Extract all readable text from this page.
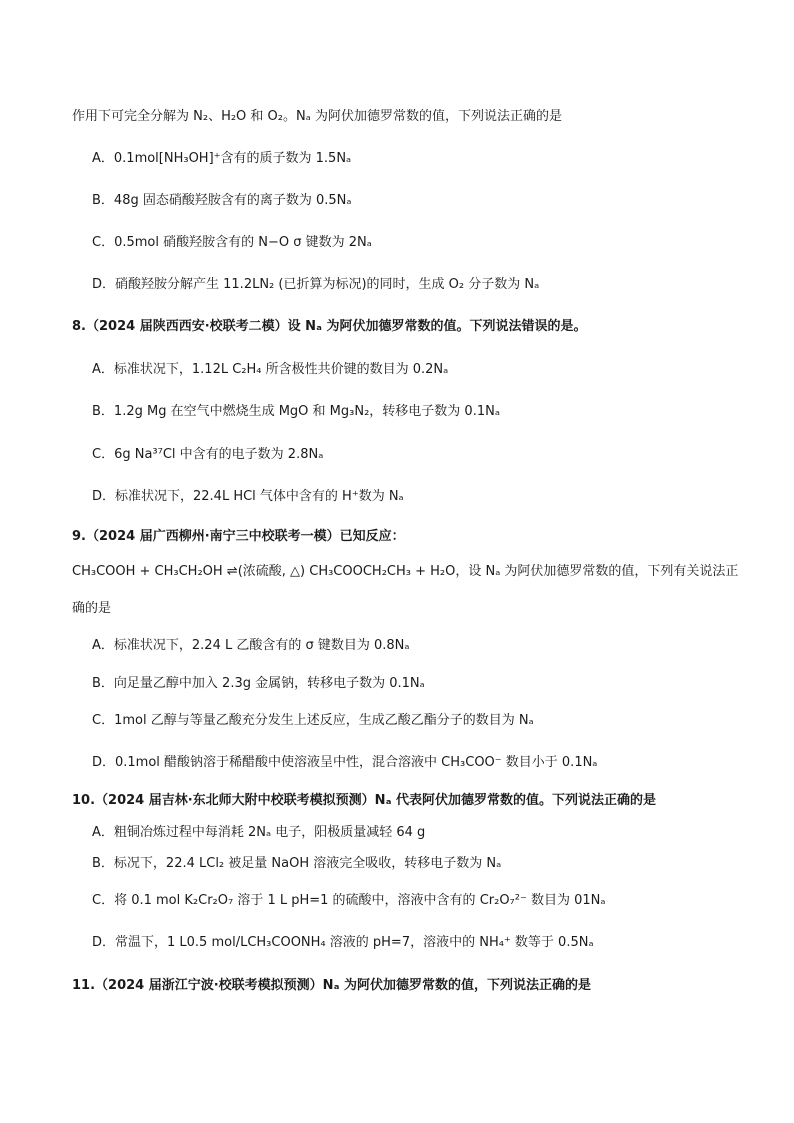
作用下可完全分解为 N₂、H₂O 和 O₂。Nₐ 为阿伏加德罗常数的值，下列说法正确的是
A．0.1mol[NH₃OH]⁺含有的质子数为 1.5Nₐ
B．48g 固态硝酸羟胺含有的离子数为 0.5Nₐ
C．0.5mol 硝酸羟胺含有的 N−O σ 键数为 2Nₐ
D．硝酸羟胺分解产生 11.2LN₂ (已折算为标况)的同时，生成 O₂ 分子数为 Nₐ
8.（2024 届陕西西安·校联考二模）设 Nₐ 为阿伏加德罗常数的值。下列说法错误的是。
A．标准状况下，1.12L C₂H₄ 所含极性共价键的数目为 0.2Nₐ
B．1.2g Mg 在空气中燃烧生成 MgO 和 Mg₃N₂，转移电子数为 0.1Nₐ
C．6g Na³⁷Cl 中含有的电子数为 2.8Nₐ
D．标准状况下，22.4L HCl 气体中含有的 H⁺数为 Nₐ
9.（2024 届广西柳州·南宁三中校联考一模）已知反应：
CH₃COOH + CH₃CH₂OH ⇌(浓硫酸, △) CH₃COOCH₂CH₃ + H₂O，设 Nₐ 为阿伏加德罗常数的值，下列有关说法正
确的是
A．标准状况下，2.24 L 乙酸含有的 σ 键数目为 0.8Nₐ
B．向足量乙醇中加入 2.3g 金属钠，转移电子数为 0.1Nₐ
C．1mol 乙醇与等量乙酸充分发生上述反应，生成乙酸乙酯分子的数目为 Nₐ
D．0.1mol 醋酸钠溶于稀醋酸中使溶液呈中性，混合溶液中 CH₃COO⁻ 数目小于 0.1Nₐ
10.（2024 届吉林·东北师大附中校联考模拟预测）Nₐ 代表阿伏加德罗常数的值。下列说法正确的是
A．粗铜冶炼过程中每消耗 2Nₐ 电子，阳极质量减轻 64 g
B．标况下，22.4 LCl₂ 被足量 NaOH 溶液完全吸收，转移电子数为 Nₐ
C．将 0.1 mol K₂Cr₂O₇ 溶于 1 L pH=1 的硫酸中，溶液中含有的 Cr₂O₇²⁻ 数目为 01Nₐ
D．常温下，1 L0.5 mol/LCH₃COONH₄ 溶液的 pH=7，溶液中的 NH₄⁺ 数等于 0.5Nₐ
11.（2024 届浙江宁波·校联考模拟预测）Nₐ 为阿伏加德罗常数的值，下列说法正确的是
